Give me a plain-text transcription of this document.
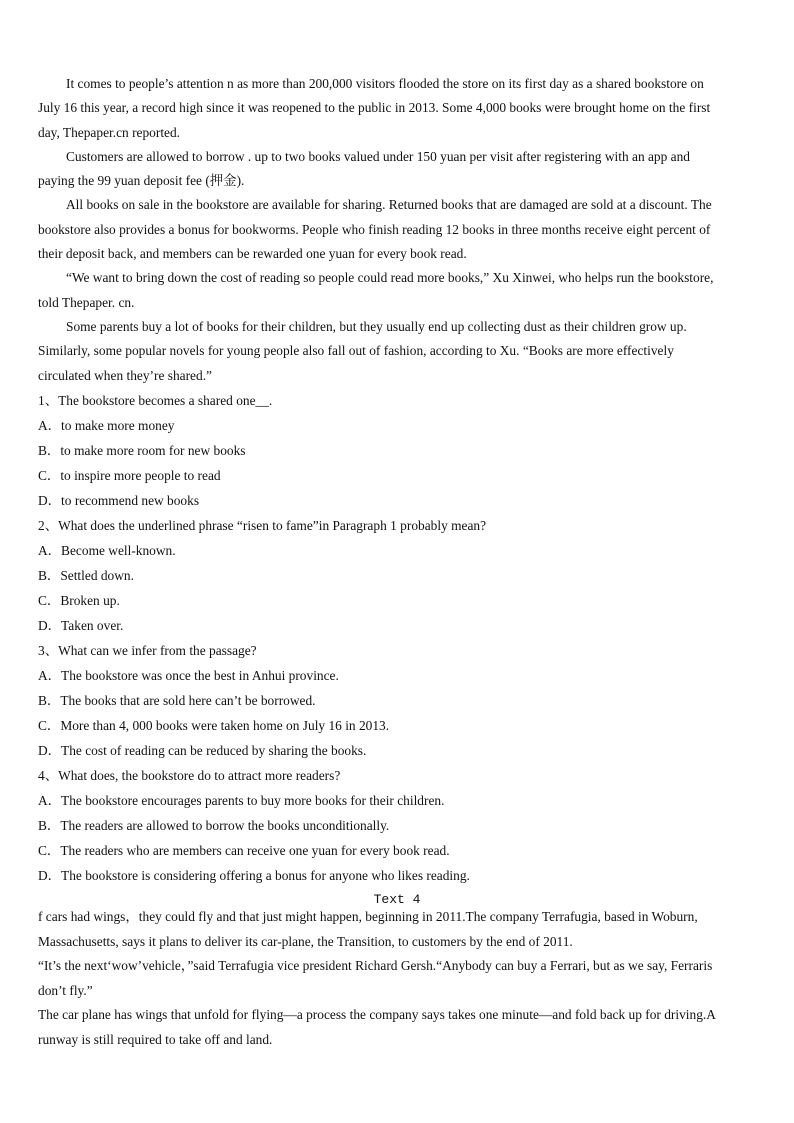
It comes to people’s attention n as more than 200,000 visitors flooded the store on its first day as a shared bookstore on
July 16 this year, a record high since it was reopened to the public in 2013. Some 4,000 books were brought home on the first
day, Thepaper.cn reported.
Customers are allowed to borrow . up to two books valued under 150 yuan per visit after registering with an app and
paying the 99 yuan deposit fee (押金).
All books on sale in the bookstore are available for sharing. Returned books that are damaged are sold at a discount. The
bookstore also provides a bonus for bookworms. People who finish reading 12 books in three months receive eight percent of
their deposit back, and members can be rewarded one yuan for every book read.
“We want to bring down the cost of reading so people could read more books,” Xu Xinwei, who helps run the bookstore,
told Thepaper. cn.
Some parents buy a lot of books for their children, but they usually end up collecting dust as their children grow up.
Similarly, some popular novels for young people also fall out of fashion, according to Xu. “Books are more effectively
circulated when they’re shared.”
1、The bookstore becomes a shared one__.
A．to make more money
B．to make more room for new books
C．to inspire more people to read
D．to recommend new books
2、What does the underlined phrase “risen to fame”in Paragraph 1 probably mean?
A．Become well-known.
B．Settled down.
C．Broken up.
D．Taken over.
3、What can we infer from the passage?
A．The bookstore was once the best in Anhui province.
B．The books that are sold here can’t be borrowed.
C．More than 4, 000 books were taken home on July 16 in 2013.
D．The cost of reading can be reduced by sharing the books.
4、What does, the bookstore do to attract more readers?
A．The bookstore encourages parents to buy more books for their children.
B．The readers are allowed to borrow the books unconditionally.
C．The readers who are members can receive one yuan for every book read.
D．The bookstore is considering offering a bonus for anyone who likes reading.
Text 4
f cars had wings，they could fly and that just might happen, beginning in 2011.The company Terrafugia, based in Woburn,
Massachusetts, says it plans to deliver its car-plane, the Transition, to customers by the end of 2011.
“It’s the next‘wow’vehicle，”said Terrafugia vice president Richard Gersh.“Anybody can buy a Ferrari, but as we say, Ferraris
don’t fly.”
The car plane has wings that unfold for flying—a process the company says takes one minute—and fold back up for driving.A
runway is still required to take off and land.
